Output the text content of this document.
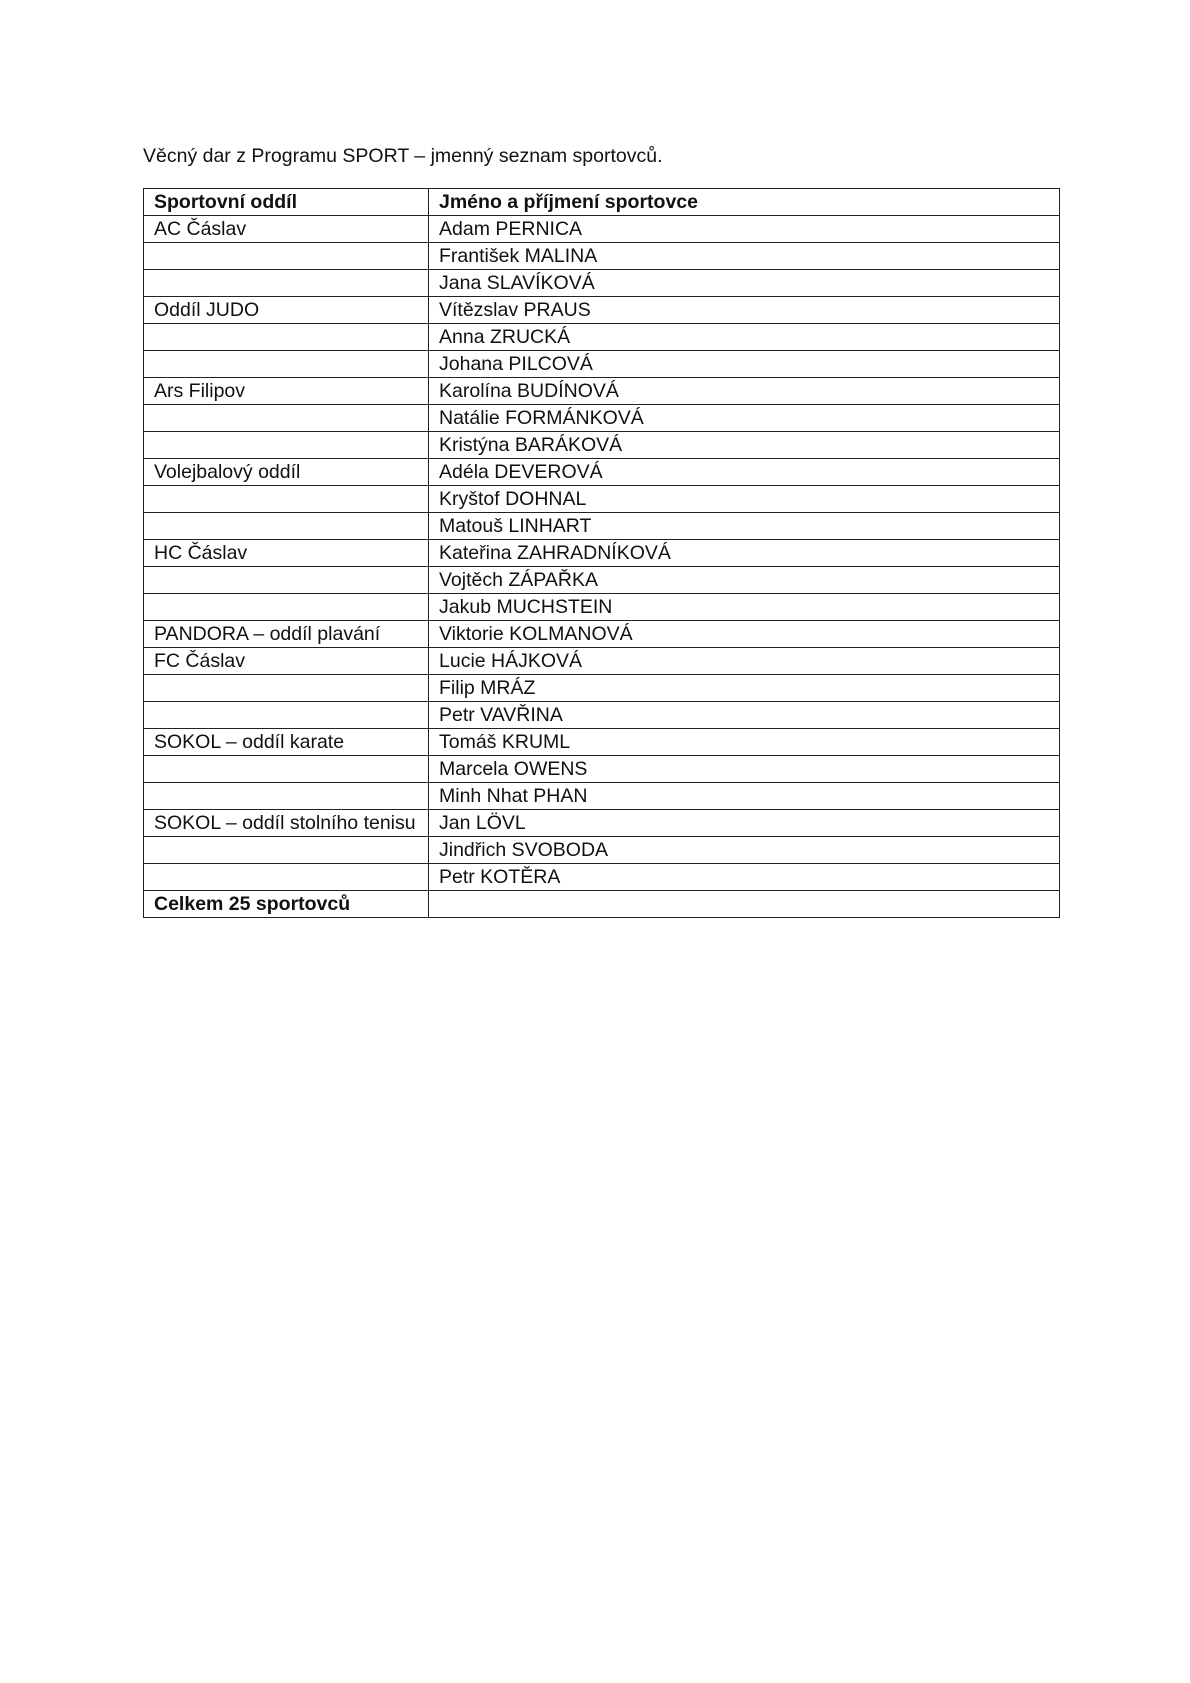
Věcný dar z Programu SPORT – jmenný seznam sportovců.
Sportovní oddíl	Jméno a příjmení sportovce
AC Čáslav	Adam PERNICA
	František MALINA
	Jana SLAVÍKOVÁ
Oddíl JUDO	Vítězslav PRAUS
	Anna ZRUCKÁ
	Johana PILCOVÁ
Ars Filipov	Karolína BUDÍNOVÁ
	Natálie FORMÁNKOVÁ
	Kristýna BARÁKOVÁ
Volejbalový oddíl	Adéla DEVEROVÁ
	Kryštof DOHNAL
	Matouš LINHART
HC Čáslav	Kateřina ZAHRADNÍKOVÁ
	Vojtěch ZÁPAŘKA
	Jakub MUCHSTEIN
PANDORA – oddíl plavání	Viktorie KOLMANOVÁ
FC Čáslav	Lucie HÁJKOVÁ
	Filip MRÁZ
	Petr VAVŘINA
SOKOL – oddíl karate	Tomáš KRUML
	Marcela OWENS
	Minh Nhat PHAN
SOKOL – oddíl stolního tenisu	Jan LÖVL
	Jindřich SVOBODA
	Petr KOTĚRA
Celkem 25 sportovců	
